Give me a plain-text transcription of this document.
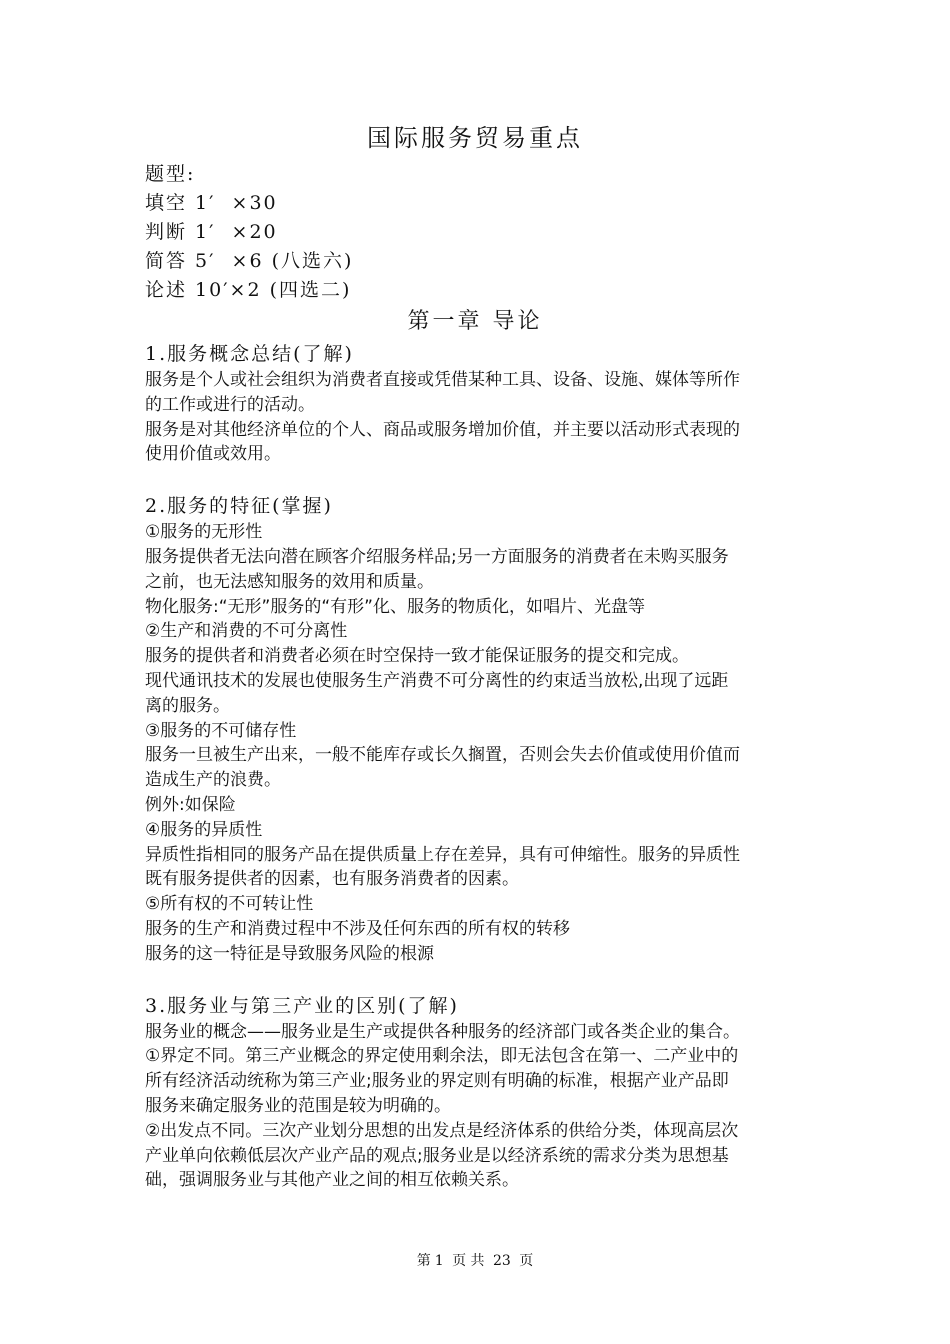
国际服务贸易重点
题型:
填空 1′  ×30
判断 1′  ×20
简答 5′  ×6 (八选六)
论述 10′×2 (四选二)
第一章 导论

1.服务概念总结(了解)

服务是个人或社会组织为消费者直接或凭借某种工具、设备、设施、媒体等所作

的工作或进行的活动。

服务是对其他经济单位的个人、商品或服务增加价值，并主要以活动形式表现的

使用价值或效用。

2.服务的特征(掌握)

①服务的无形性

服务提供者无法向潜在顾客介绍服务样品;另一方面服务的消费者在未购买服务

之前，也无法感知服务的效用和质量。

物化服务:“无形”服务的“有形”化、服务的物质化，如唱片、光盘等

②生产和消费的不可分离性

服务的提供者和消费者必须在时空保持一致才能保证服务的提交和完成。

现代通讯技术的发展也使服务生产消费不可分离性的约束适当放松,出现了远距

离的服务。

③服务的不可储存性

服务一旦被生产出来，一般不能库存或长久搁置，否则会失去价值或使用价值而

造成生产的浪费。

例外:如保险

④服务的异质性

异质性指相同的服务产品在提供质量上存在差异，具有可伸缩性。服务的异质性

既有服务提供者的因素，也有服务消费者的因素。

⑤所有权的不可转让性

服务的生产和消费过程中不涉及任何东西的所有权的转移

服务的这一特征是导致服务风险的根源

3.服务业与第三产业的区别(了解)

服务业的概念——服务业是生产或提供各种服务的经济部门或各类企业的集合。

①界定不同。第三产业概念的界定使用剩余法，即无法包含在第一、二产业中的

所有经济活动统称为第三产业;服务业的界定则有明确的标准，根据产业产品即

服务来确定服务业的范围是较为明确的。

②出发点不同。三次产业划分思想的出发点是经济体系的供给分类，体现高层次

产业单向依赖低层次产业产品的观点;服务业是以经济系统的需求分类为思想基

础，强调服务业与其他产业之间的相互依赖关系。

第 1 页 共 23 页
